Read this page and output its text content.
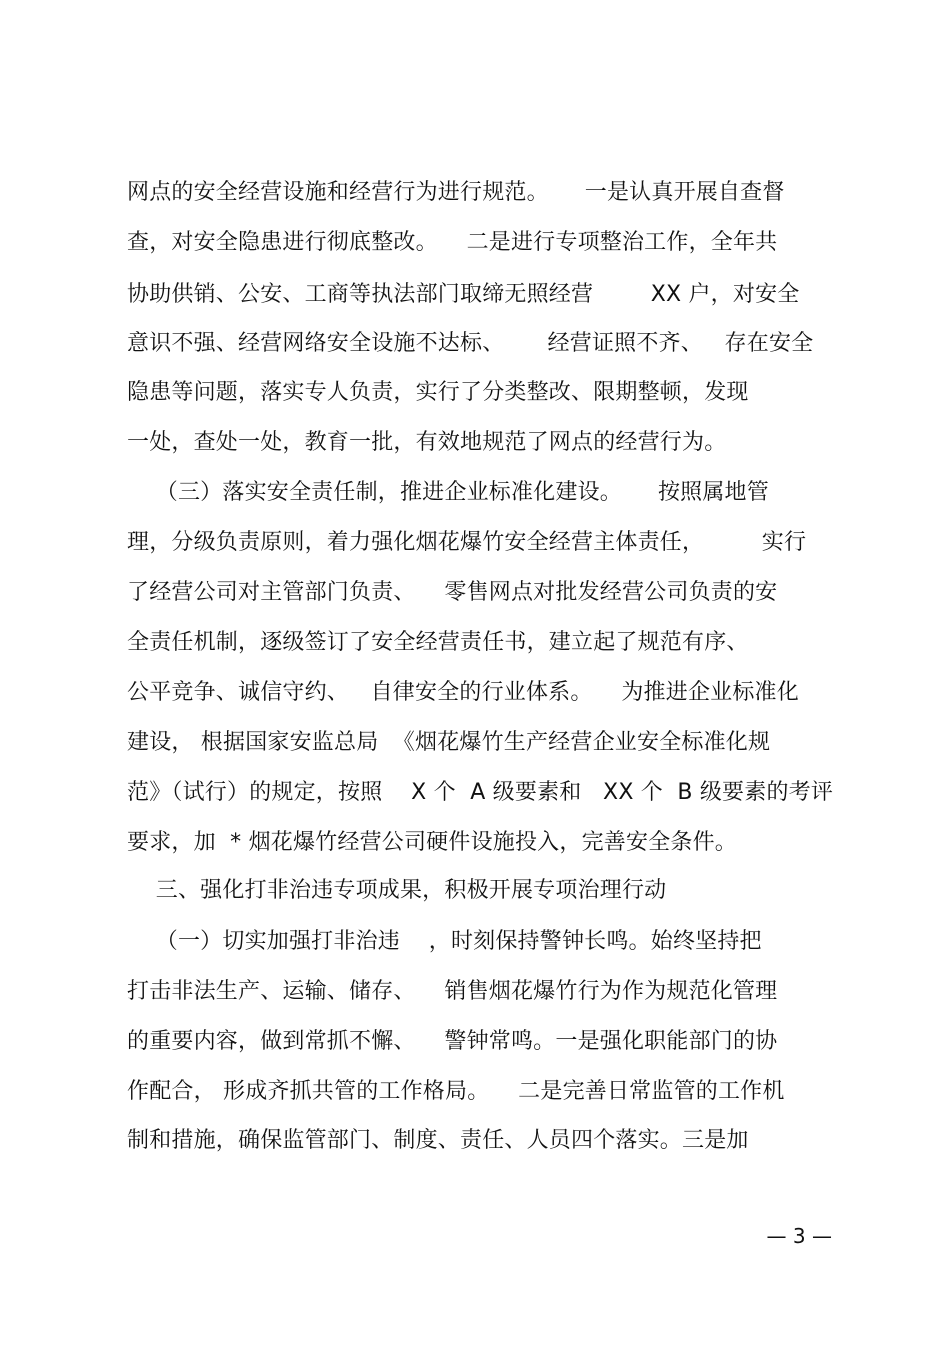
网点的安全经营设施和经营行为进行规范。     一是认真开展自查督
查，对安全隐患进行彻底整改。    二是进行专项整治工作，全年共
协助供销、公安、工商等执法部门取缔无照经营        XX 户，对安全
意识不强、经营网络安全设施不达标、      经营证照不齐、   存在安全
隐患等问题，落实专人负责，实行了分类整改、限期整顿，发现
一处，查处一处，教育一批，有效地规范了网点的经营行为。
（三）落实安全责任制，推进企业标准化建设。     按照属地管
理，分级负责原则，着力强化烟花爆竹安全经营主体责任，        实行
了经营公司对主管部门负责、    零售网点对批发经营公司负责的安
全责任机制，逐级签订了安全经营责任书，建立起了规范有序、
公平竞争、诚信守约、   自律安全的行业体系。    为推进企业标准化
建设， 根据国家安监总局  《烟花爆竹生产经营企业安全标准化规
范》（试行）的规定，按照    X 个  A 级要素和   XX 个  B 级要素的考评
要求，加  * 烟花爆竹经营公司硬件设施投入，完善安全条件。
三、强化打非治违专项成果，积极开展专项治理行动
（一）切实加强打非治违    ，时刻保持警钟长鸣。始终坚持把
打击非法生产、运输、储存、    销售烟花爆竹行为作为规范化管理
的重要内容，做到常抓不懈、    警钟常鸣。一是强化职能部门的协
作配合， 形成齐抓共管的工作格局。    二是完善日常监管的工作机
制和措施，确保监管部门、制度、责任、人员四个落实。三是加
— 3 —
